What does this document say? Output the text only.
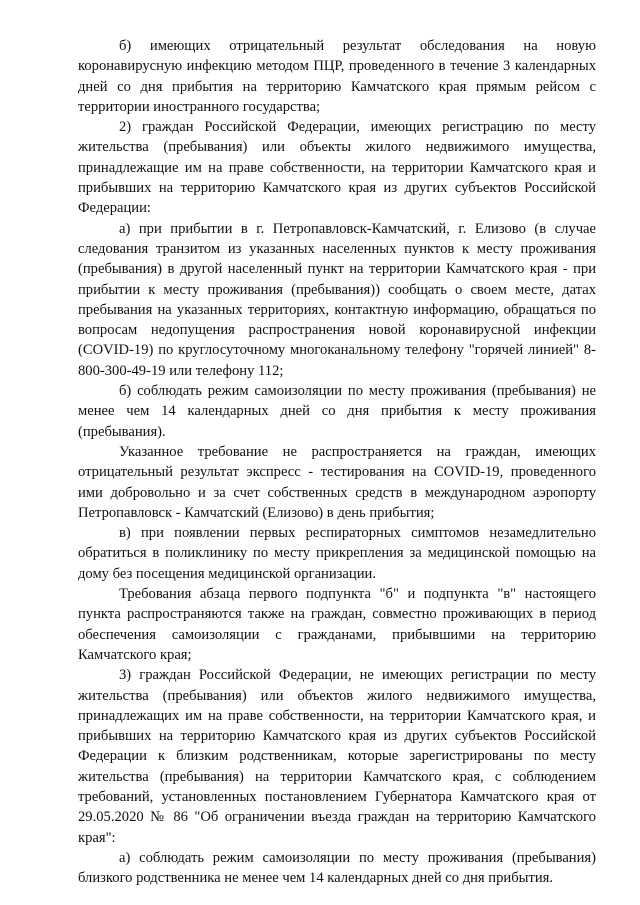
б) имеющих отрицательный результат обследования на новую коронавирусную инфекцию методом ПЦР, проведенного в течение 3 календарных дней со дня прибытия на территорию Камчатского края прямым рейсом с территории иностранного государства;

2) граждан Российской Федерации, имеющих регистрацию по месту жительства (пребывания) или объекты жилого недвижимого имущества, принадлежащие им на праве собственности, на территории Камчатского края и прибывших на территорию Камчатского края из других субъектов Российской Федерации:

а) при прибытии в г. Петропавловск-Камчатский, г. Елизово (в случае следования транзитом из указанных населенных пунктов к месту проживания (пребывания) в другой населенный пункт на территории Камчатского края - при прибытии к месту проживания (пребывания)) сообщать о своем месте, датах пребывания на указанных территориях, контактную информацию, обращаться по вопросам недопущения распространения новой коронавирусной инфекции (COVID-19) по круглосуточному многоканальному телефону "горячей линией" 8-800-300-49-19 или телефону 112;

б) соблюдать режим самоизоляции по месту проживания (пребывания) не менее чем 14 календарных дней со дня прибытия к месту проживания (пребывания).

Указанное требование не распространяется на граждан, имеющих отрицательный результат экспресс - тестирования на COVID-19, проведенного ими добровольно и за счет собственных средств в международном аэропорту Петропавловск - Камчатский (Елизово) в день прибытия;

в) при появлении первых респираторных симптомов незамедлительно обратиться в поликлинику по месту прикрепления за медицинской помощью на дому без посещения медицинской организации.

Требования абзаца первого подпункта "б" и подпункта "в" настоящего пункта распространяются также на граждан, совместно проживающих в период обеспечения самоизоляции с гражданами, прибывшими на территорию Камчатского края;

3) граждан Российской Федерации, не имеющих регистрации по месту жительства (пребывания) или объектов жилого недвижимого имущества, принадлежащих им на праве собственности, на территории Камчатского края, и прибывших на территорию Камчатского края из других субъектов Российской Федерации к близким родственникам, которые зарегистрированы по месту жительства (пребывания) на территории Камчатского края, с соблюдением требований, установленных постановлением Губернатора Камчатского края от 29.05.2020 № 86 "Об ограничении въезда граждан на территорию Камчатского края":

а) соблюдать режим самоизоляции по месту проживания (пребывания) близкого родственника не менее чем 14 календарных дней со дня прибытия.
